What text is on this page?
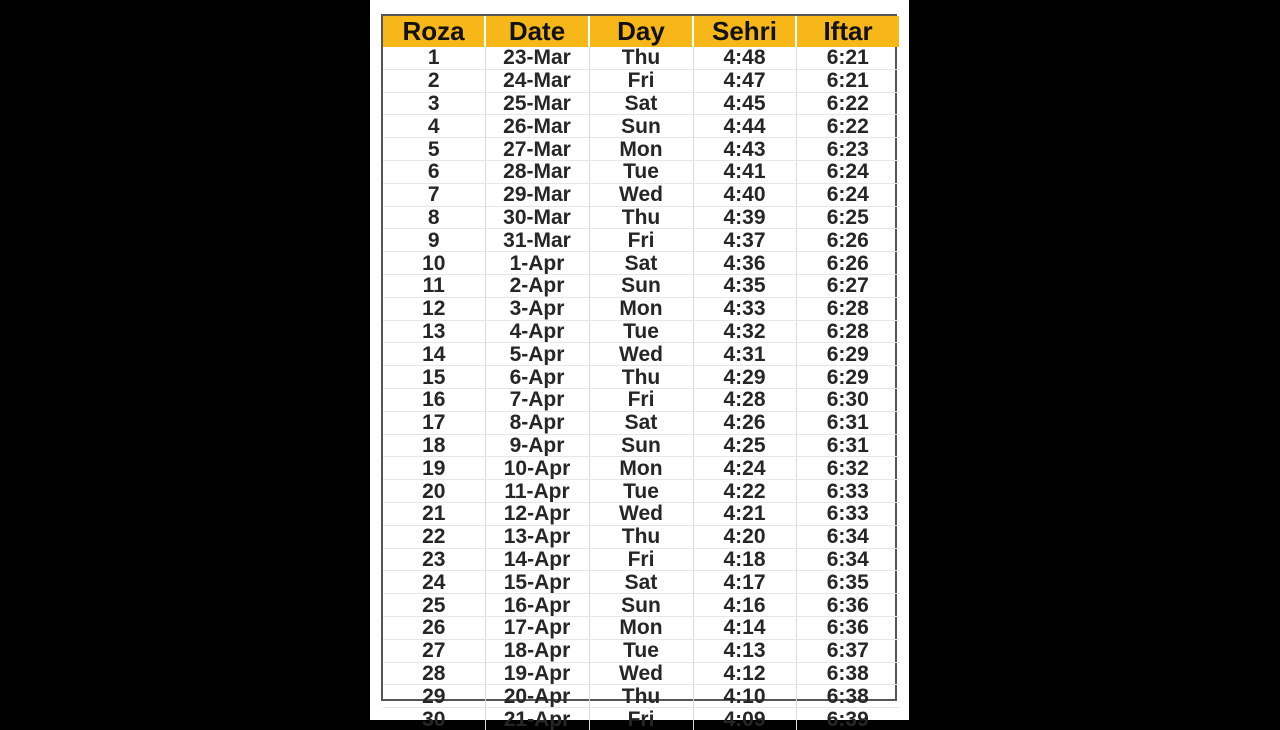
Roza	Date	Day	Sehri	Iftar
1	23-Mar	Thu	4:48	6:21
2	24-Mar	Fri	4:47	6:21
3	25-Mar	Sat	4:45	6:22
4	26-Mar	Sun	4:44	6:22
5	27-Mar	Mon	4:43	6:23
6	28-Mar	Tue	4:41	6:24
7	29-Mar	Wed	4:40	6:24
8	30-Mar	Thu	4:39	6:25
9	31-Mar	Fri	4:37	6:26
10	1-Apr	Sat	4:36	6:26
11	2-Apr	Sun	4:35	6:27
12	3-Apr	Mon	4:33	6:28
13	4-Apr	Tue	4:32	6:28
14	5-Apr	Wed	4:31	6:29
15	6-Apr	Thu	4:29	6:29
16	7-Apr	Fri	4:28	6:30
17	8-Apr	Sat	4:26	6:31
18	9-Apr	Sun	4:25	6:31
19	10-Apr	Mon	4:24	6:32
20	11-Apr	Tue	4:22	6:33
21	12-Apr	Wed	4:21	6:33
22	13-Apr	Thu	4:20	6:34
23	14-Apr	Fri	4:18	6:34
24	15-Apr	Sat	4:17	6:35
25	16-Apr	Sun	4:16	6:36
26	17-Apr	Mon	4:14	6:36
27	18-Apr	Tue	4:13	6:37
28	19-Apr	Wed	4:12	6:38
29	20-Apr	Thu	4:10	6:38
30	21-Apr	Fri	4:09	6:39
